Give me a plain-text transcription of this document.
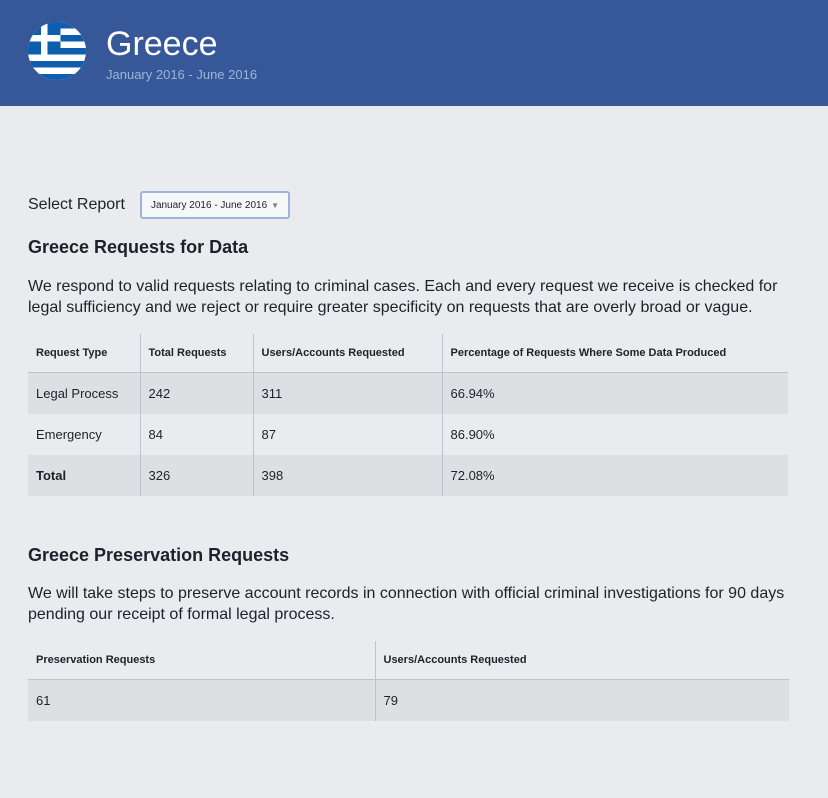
Greece
January 2016 - June 2016
Select Report	January 2016 - June 2016 ▼
Greece Requests for Data

We respond to valid requests relating to criminal cases. Each and every request we receive is checked for legal sufficiency and we reject or require greater specificity on requests that are overly broad or vague.

Request Type	Total Requests	Users/Accounts Requested	Percentage of Requests Where Some Data Produced
Legal Process	242	311	66.94%
Emergency	84	87	86.90%
Total	326	398	72.08%
Greece Preservation Requests

We will take steps to preserve account records in connection with official criminal investigations for 90 days pending our receipt of formal legal process.

Preservation Requests	Users/Accounts Requested
61	79
